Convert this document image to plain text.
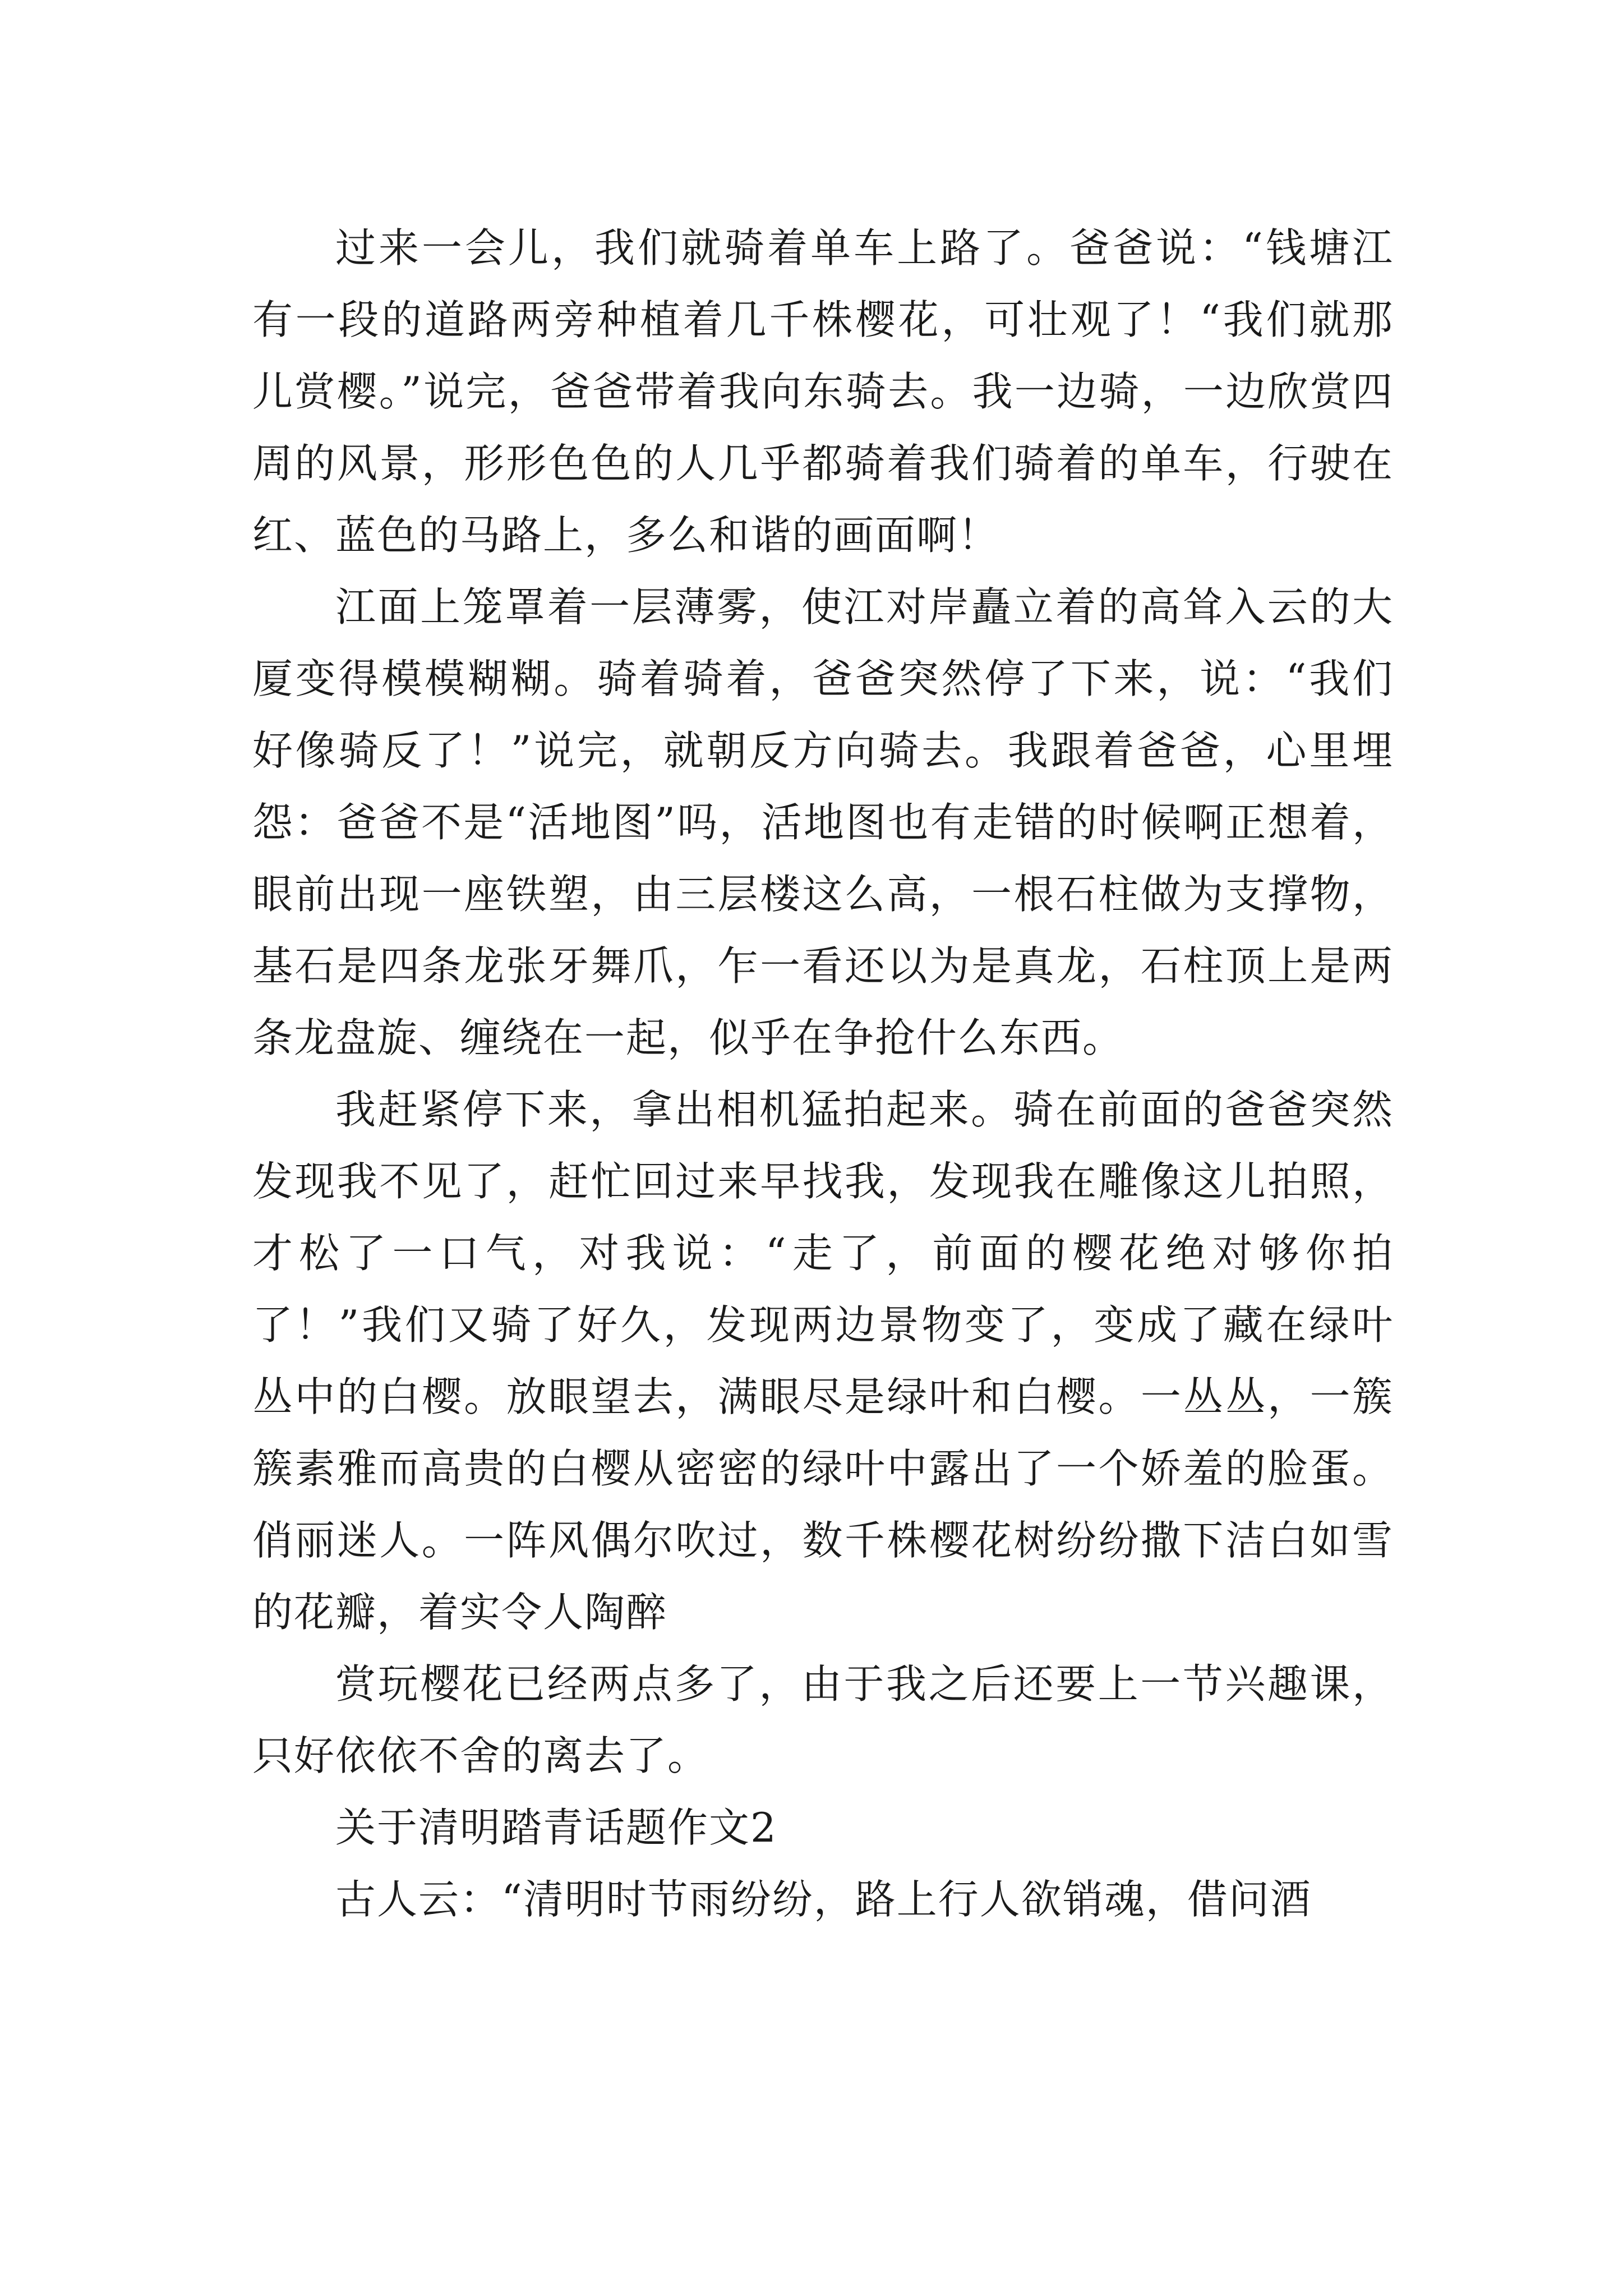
过来一会儿，我们就骑着单车上路了。爸爸说：“钱塘江有一段的道路两旁种植着几千株樱花，可壮观了！“我们就那儿赏樱。”说完，爸爸带着我向东骑去。我一边骑，一边欣赏四周的风景，形形色色的人几乎都骑着我们骑着的单车，行驶在红、蓝色的马路上，多么和谐的画面啊！

江面上笼罩着一层薄雾，使江对岸矗立着的高耸入云的大厦变得模模糊糊。骑着骑着，爸爸突然停了下来，说：“我们好像骑反了！”说完，就朝反方向骑去。我跟着爸爸，心里埋怨：爸爸不是“活地图”吗，活地图也有走错的时候啊正想着，眼前出现一座铁塑，由三层楼这么高，一根石柱做为支撑物，基石是四条龙张牙舞爪，乍一看还以为是真龙，石柱顶上是两条龙盘旋、缠绕在一起，似乎在争抢什么东西。

我赶紧停下来，拿出相机猛拍起来。骑在前面的爸爸突然发现我不见了，赶忙回过来早找我，发现我在雕像这儿拍照，才松了一口气，对我说：“走了，前面的樱花绝对够你拍了！”我们又骑了好久，发现两边景物变了，变成了藏在绿叶丛中的白樱。放眼望去，满眼尽是绿叶和白樱。一丛丛，一簇簇素雅而高贵的白樱从密密的绿叶中露出了一个娇羞的脸蛋。俏丽迷人。一阵风偶尔吹过，数千株樱花树纷纷撒下洁白如雪的花瓣，着实令人陶醉

赏玩樱花已经两点多了，由于我之后还要上一节兴趣课，只好依依不舍的离去了。

关于清明踏青话题作文2

古人云：“清明时节雨纷纷，路上行人欲销魂，借问酒
